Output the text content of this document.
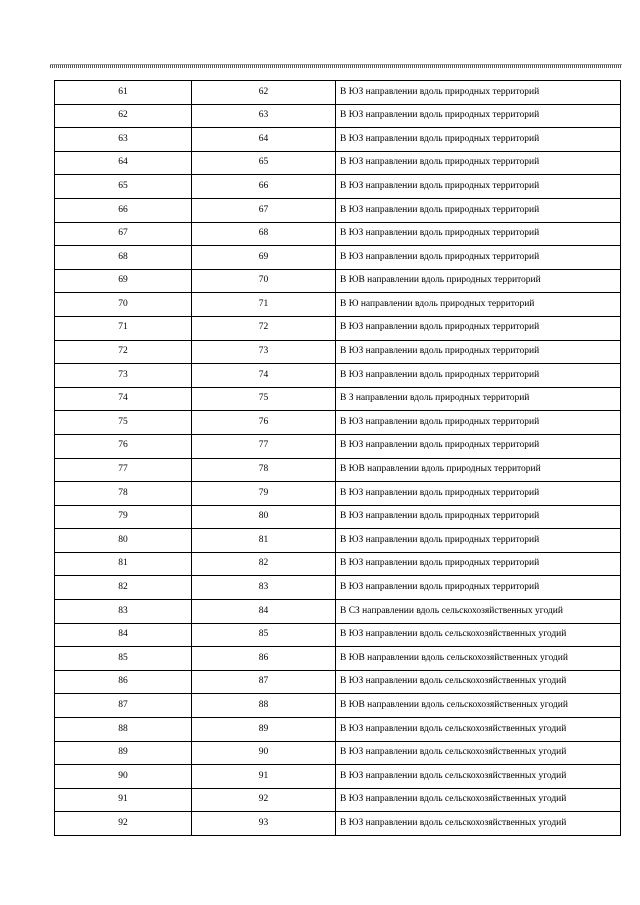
61	62	В ЮЗ направлении вдоль природных территорий
62	63	В ЮЗ направлении вдоль природных территорий
63	64	В ЮЗ направлении вдоль природных территорий
64	65	В ЮЗ направлении вдоль природных территорий
65	66	В ЮЗ направлении вдоль природных территорий
66	67	В ЮЗ направлении вдоль природных территорий
67	68	В ЮЗ направлении вдоль природных территорий
68	69	В ЮЗ направлении вдоль природных территорий
69	70	В ЮВ направлении вдоль природных территорий
70	71	В Ю направлении вдоль природных территорий
71	72	В ЮЗ направлении вдоль природных территорий
72	73	В ЮЗ направлении вдоль природных территорий
73	74	В ЮЗ направлении вдоль природных территорий
74	75	В З направлении вдоль природных территорий
75	76	В ЮЗ направлении вдоль природных территорий
76	77	В ЮЗ направлении вдоль природных территорий
77	78	В ЮВ направлении вдоль природных территорий
78	79	В ЮЗ направлении вдоль природных территорий
79	80	В ЮЗ направлении вдоль природных территорий
80	81	В ЮЗ направлении вдоль природных территорий
81	82	В ЮЗ направлении вдоль природных территорий
82	83	В ЮЗ направлении вдоль природных территорий
83	84	В СЗ направлении вдоль сельскохозяйственных угодий
84	85	В ЮЗ направлении вдоль сельскохозяйственных угодий
85	86	В ЮВ направлении вдоль сельскохозяйственных угодий
86	87	В ЮЗ направлении вдоль сельскохозяйственных угодий
87	88	В ЮВ направлении вдоль сельскохозяйственных угодий
88	89	В ЮЗ направлении вдоль сельскохозяйственных угодий
89	90	В ЮЗ направлении вдоль сельскохозяйственных угодий
90	91	В ЮЗ направлении вдоль сельскохозяйственных угодий
91	92	В ЮЗ направлении вдоль сельскохозяйственных угодий
92	93	В ЮЗ направлении вдоль сельскохозяйственных угодий
